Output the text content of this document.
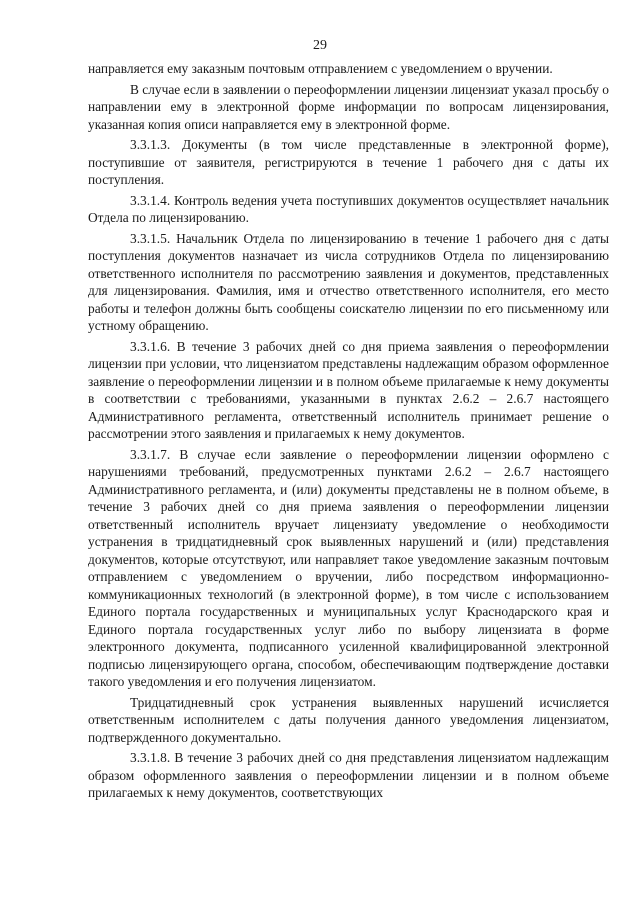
29

направляется ему заказным почтовым отправлением с уведомлением о вручении.

В случае если в заявлении о переоформлении лицензии лицензиат указал просьбу о направлении ему в электронной форме информации по вопросам лицензирования, указанная копия описи направляется ему в электронной форме.

3.3.1.3. Документы (в том числе представленные в электронной форме), поступившие от заявителя, регистрируются в течение 1 рабочего дня с даты их поступления.

3.3.1.4. Контроль ведения учета поступивших документов осуществляет начальник Отдела по лицензированию.

3.3.1.5. Начальник Отдела по лицензированию в течение 1 рабочего дня с даты поступления документов назначает из числа сотрудников Отдела по лицензированию ответственного исполнителя по рассмотрению заявления и документов, представленных для лицензирования. Фамилия, имя и отчество ответственного исполнителя, его место работы и телефон должны быть сообщены соискателю лицензии по его письменному или устному обращению.

3.3.1.6. В течение 3 рабочих дней со дня приема заявления о переоформлении лицензии при условии, что лицензиатом представлены надлежащим образом оформленное заявление о переоформлении лицензии и в полном объеме прилагаемые к нему документы в соответствии с требованиями, указанными в пунктах 2.6.2 – 2.6.7 настоящего Административного регламента, ответственный исполнитель принимает решение о рассмотрении этого заявления и прилагаемых к нему документов.

3.3.1.7. В случае если заявление о переоформлении лицензии оформлено с нарушениями требований, предусмотренных пунктами 2.6.2 – 2.6.7 настоящего Административного регламента, и (или) документы представлены не в полном объеме, в течение 3 рабочих дней со дня приема заявления о переоформлении лицензии ответственный исполнитель вручает лицензиату уведомление о необходимости устранения в тридцатидневный срок выявленных нарушений и (или) представления документов, которые отсутствуют, или направляет такое уведомление заказным почтовым отправлением с уведомлением о вручении, либо посредством информационно-коммуникационных технологий (в электронной форме), в том числе с использованием Единого портала государственных и муниципальных услуг Краснодарского края и Единого портала государственных услуг либо по выбору лицензиата в форме электронного документа, подписанного усиленной квалифицированной электронной подписью лицензирующего органа, способом, обеспечивающим подтверждение доставки такого уведомления и его получения лицензиатом.

Тридцатидневный срок устранения выявленных нарушений исчисляется ответственным исполнителем с даты получения данного уведомления лицензиатом, подтвержденного документально.

3.3.1.8. В течение 3 рабочих дней со дня представления лицензиатом надлежащим образом оформленного заявления о переоформлении лицензии и в полном объеме прилагаемых к нему документов, соответствующих
